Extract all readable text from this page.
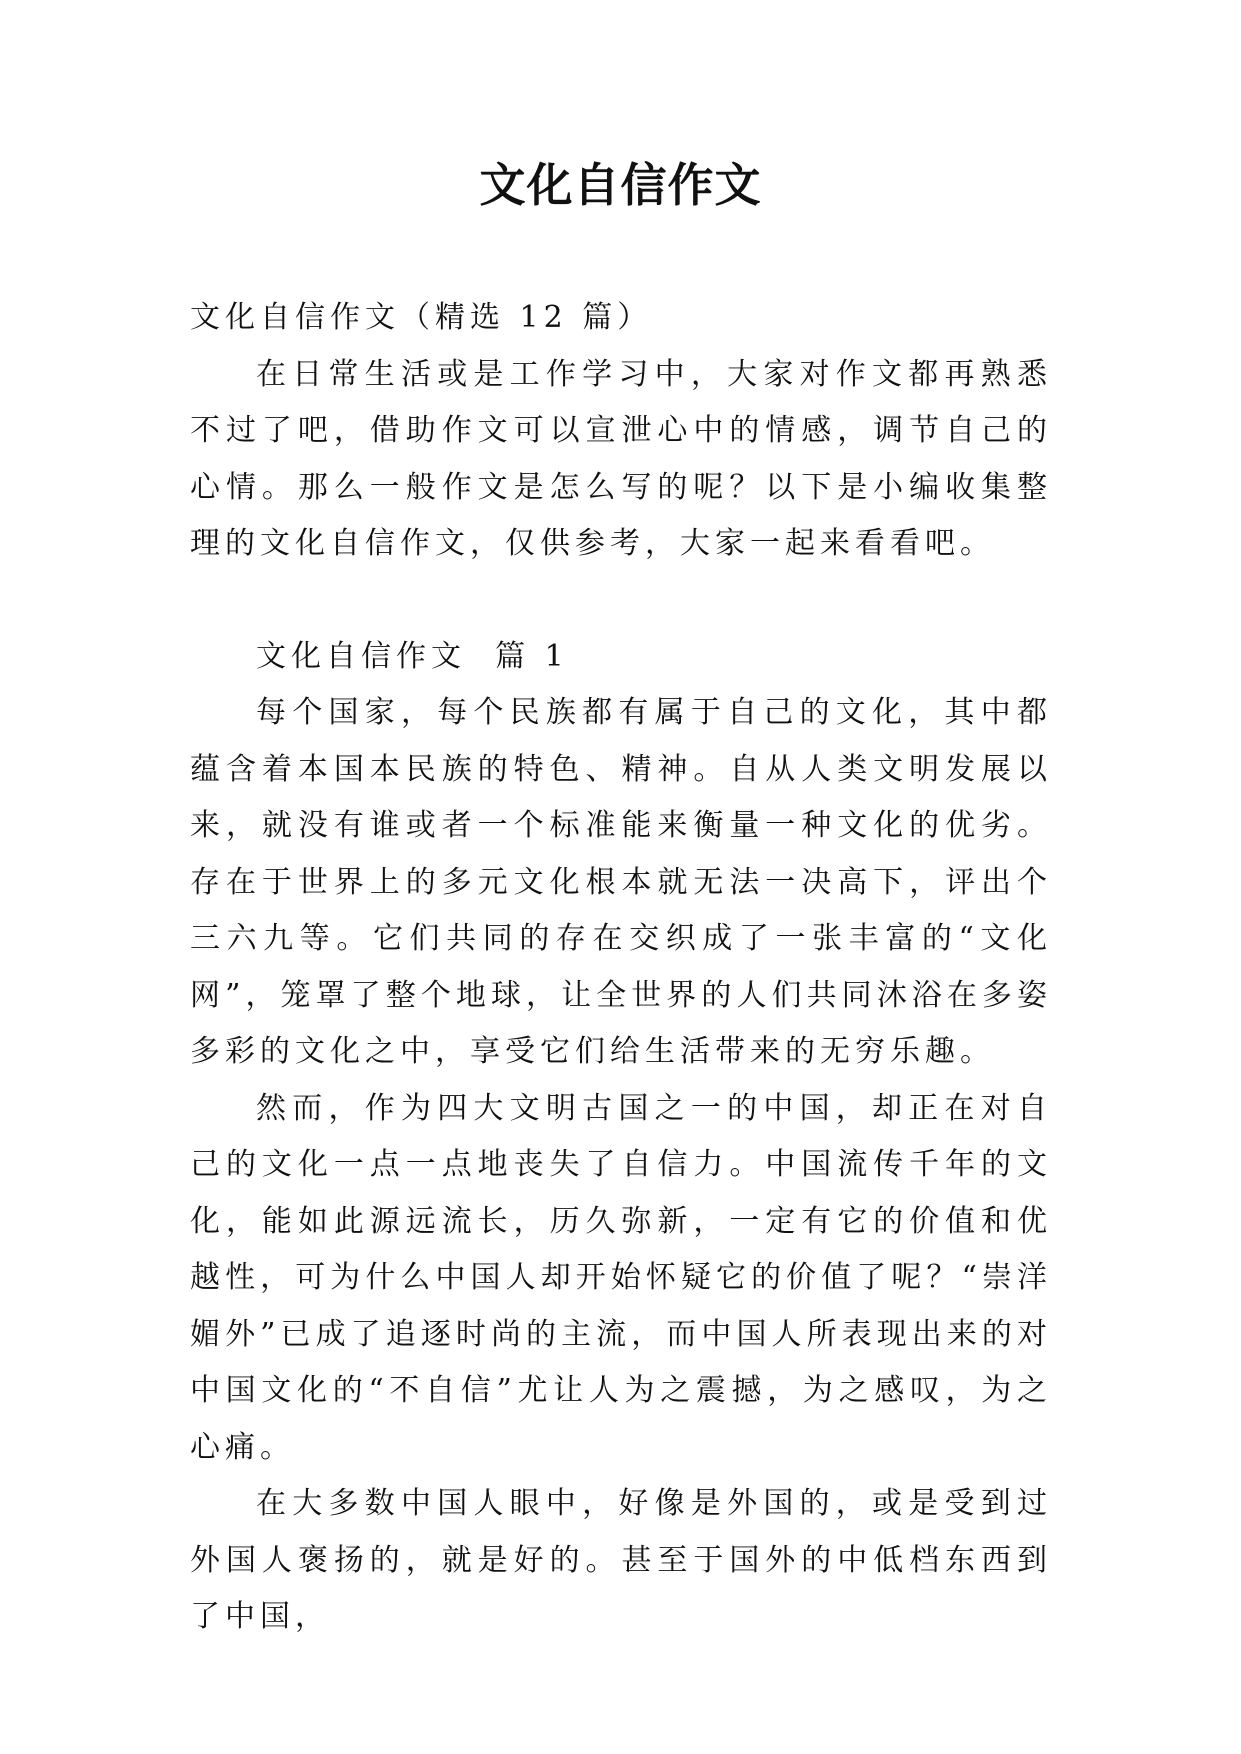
文化自信作文

文化自信作文（精选 12 篇）

在日常生活或是工作学习中，大家对作文都再熟悉不过了吧，借助作文可以宣泄心中的情感，调节自己的心情。那么一般作文是怎么写的呢？以下是小编收集整理的文化自信作文，仅供参考，大家一起来看看吧。

文化自信作文  篇 1

每个国家，每个民族都有属于自己的文化，其中都蕴含着本国本民族的特色、精神。自从人类文明发展以来，就没有谁或者一个标准能来衡量一种文化的优劣。存在于世界上的多元文化根本就无法一决高下，评出个三六九等。它们共同的存在交织成了一张丰富的“文化网”，笼罩了整个地球，让全世界的人们共同沐浴在多姿多彩的文化之中，享受它们给生活带来的无穷乐趣。

然而，作为四大文明古国之一的中国，却正在对自己的文化一点一点地丧失了自信力。中国流传千年的文化，能如此源远流长，历久弥新，一定有它的价值和优越性，可为什么中国人却开始怀疑它的价值了呢？“崇洋媚外”已成了追逐时尚的主流，而中国人所表现出来的对中国文化的“不自信”尤让人为之震撼，为之感叹，为之心痛。

在大多数中国人眼中，好像是外国的，或是受到过外国人褒扬的，就是好的。甚至于国外的中低档东西到了中国，
